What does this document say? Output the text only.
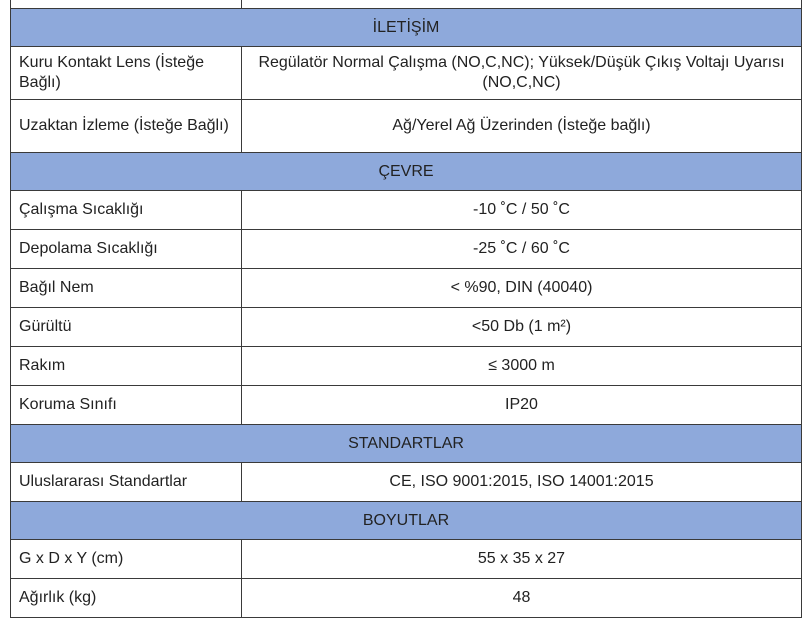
İLETİŞİM	
Kuru Kontakt Lens (İsteğe Bağlı)	Regülatör Normal Çalışma (NO,C,NC); Yüksek/Düşük Çıkış Voltajı Uyarısı (NO,C,NC)
Uzaktan İzleme (İsteğe Bağlı)	Ağ/Yerel Ağ Üzerinden (İsteğe bağlı)
ÇEVRE	
Çalışma Sıcaklığı	-10 ˚C / 50 ˚C
Depolama Sıcaklığı	-25 ˚C / 60 ˚C
Bağıl Nem	< %90, DIN (40040)
Gürültü	<50 Db (1 m²)
Rakım	≤ 3000 m
Koruma Sınıfı	IP20
STANDARTLAR	
Uluslararası Standartlar	CE, ISO 9001:2015, ISO 14001:2015
BOYUTLAR	
G x D x Y (cm)	55 x 35 x 27
Ağırlık (kg)	48
